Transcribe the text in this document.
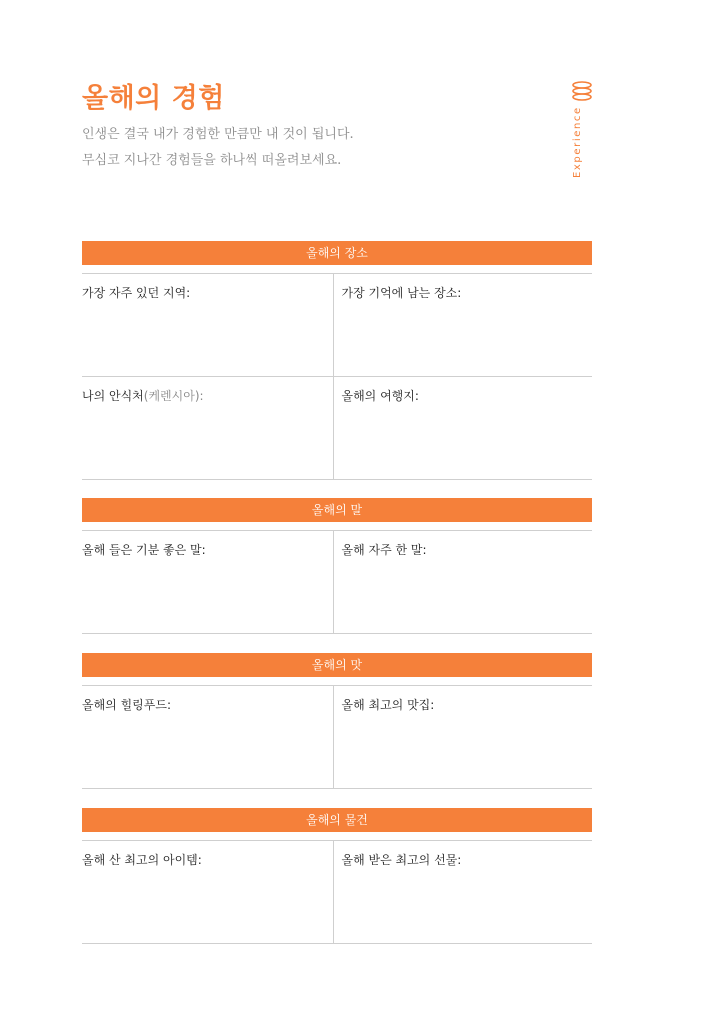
올해의 경험
인생은 결국 내가 경험한 만큼만 내 것이 됩니다.
무심코 지나간 경험들을 하나씩 떠올려보세요.	Experience
올해의 장소
가장 자주 있던 지역:	가장 기억에 남는 장소:
나의 안식처(케렌시아):	올해의 여행지:
올해의 말
올해 들은 기분 좋은 말:	올해 자주 한 말:
올해의 맛
올해의 힐링푸드:	올해 최고의 맛집:
올해의 물건
올해 산 최고의 아이템:	올해 받은 최고의 선물:
